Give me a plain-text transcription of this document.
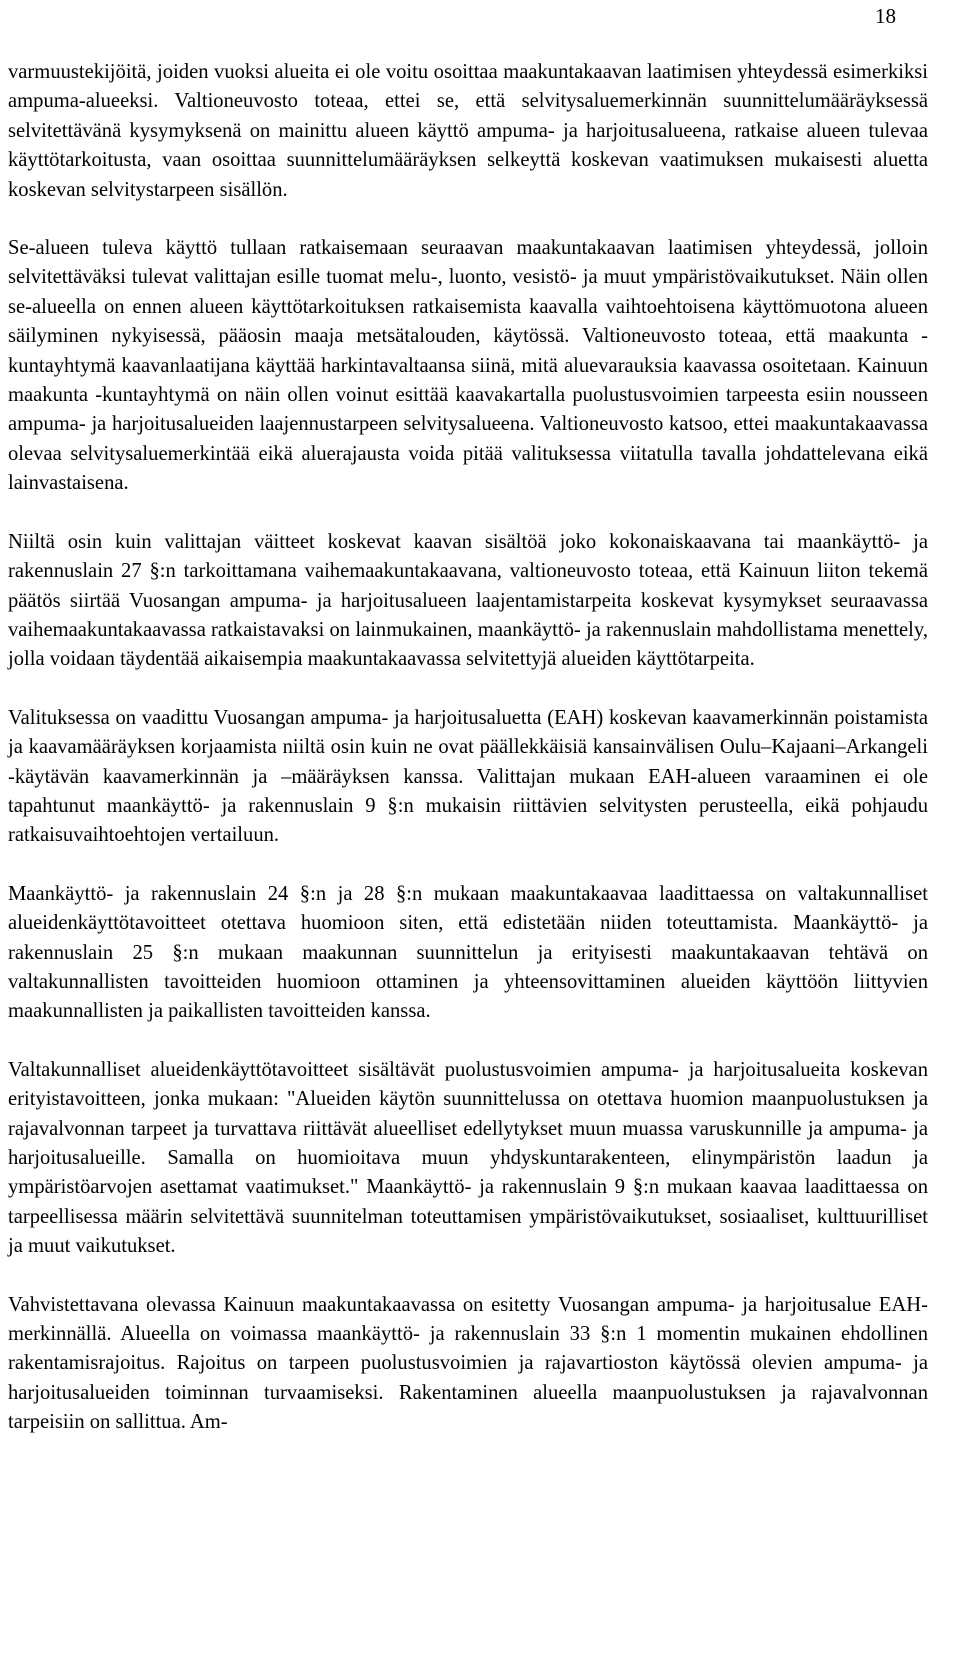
18

varmuustekijöitä, joiden vuoksi alueita ei ole voitu osoittaa maakuntakaavan laatimisen yhteydessä esimerkiksi ampuma-alueeksi. Valtioneuvosto toteaa, ettei se, että selvitysaluemerkinnän suunnittelumääräyksessä selvitettävänä kysymyksenä on mainittu alueen käyttö ampuma- ja harjoitusalueena, ratkaise alueen tulevaa käyttötarkoitusta, vaan osoittaa suunnittelumääräyksen selkeyttä koskevan vaatimuksen mukaisesti aluetta koskevan selvitystarpeen sisällön.

Se-alueen tuleva käyttö tullaan ratkaisemaan seuraavan maakuntakaavan laatimisen yhteydessä, jolloin selvitettäväksi tulevat valittajan esille tuomat melu-, luonto, vesistö- ja muut ympäristövaikutukset. Näin ollen se-alueella on ennen alueen käyttötarkoituksen ratkaisemista kaavalla vaihtoehtoisena käyttömuotona alueen säilyminen nykyisessä, pääosin maaja metsätalouden, käytössä. Valtioneuvosto toteaa, että maakunta -kuntayhtymä kaavanlaatijana käyttää harkintavaltaansa siinä, mitä aluevarauksia kaavassa osoitetaan. Kainuun maakunta -kuntayhtymä on näin ollen voinut esittää kaavakartalla puolustusvoimien tarpeesta esiin nousseen ampuma- ja harjoitusalueiden laajennustarpeen selvitysalueena. Valtioneuvosto katsoo, ettei maakuntakaavassa olevaa selvitysaluemerkintää eikä aluerajausta voida pitää valituksessa viitatulla tavalla johdattelevana eikä lainvastaisena.

Niiltä osin kuin valittajan väitteet koskevat kaavan sisältöä joko kokonaiskaavana tai maankäyttö- ja rakennuslain 27 §:n tarkoittamana vaihemaakuntakaavana, valtioneuvosto toteaa, että Kainuun liiton tekemä päätös siirtää Vuosangan ampuma- ja harjoitusalueen laajentamistarpeita koskevat kysymykset seuraavassa vaihemaakuntakaavassa ratkaistavaksi on lainmukainen, maankäyttö- ja rakennuslain mahdollistama menettely, jolla voidaan täydentää aikaisempia maakuntakaavassa selvitettyjä alueiden käyttötarpeita.

Valituksessa on vaadittu Vuosangan ampuma- ja harjoitusaluetta (EAH) koskevan kaavamerkinnän poistamista ja kaavamääräyksen korjaamista niiltä osin kuin ne ovat päällekkäisiä kansainvälisen Oulu–Kajaani–Arkangeli -käytävän kaavamerkinnän ja –määräyksen kanssa. Valittajan mukaan EAH-alueen varaaminen ei ole tapahtunut maankäyttö- ja rakennuslain 9 §:n mukaisin riittävien selvitysten perusteella, eikä pohjaudu ratkaisuvaihtoehtojen vertailuun.

Maankäyttö- ja rakennuslain 24 §:n ja 28 §:n mukaan maakuntakaavaa laadittaessa on valtakunnalliset alueidenkäyttötavoitteet otettava huomioon siten, että edistetään niiden toteuttamista. Maankäyttö- ja rakennuslain 25 §:n mukaan maakunnan suunnittelun ja erityisesti maakuntakaavan tehtävä on valtakunnallisten tavoitteiden huomioon ottaminen ja yhteensovittaminen alueiden käyttöön liittyvien maakunnallisten ja paikallisten tavoitteiden kanssa.

Valtakunnalliset alueidenkäyttötavoitteet sisältävät puolustusvoimien ampuma- ja harjoitusalueita koskevan erityistavoitteen, jonka mukaan: "Alueiden käytön suunnittelussa on otettava huomion maanpuolustuksen ja rajavalvonnan tarpeet ja turvattava riittävät alueelliset edellytykset muun muassa varuskunnille ja ampuma- ja harjoitusalueille. Samalla on huomioitava muun yhdyskuntarakenteen, elinympäristön laadun ja ympäristöarvojen asettamat vaatimukset." Maankäyttö- ja rakennuslain 9 §:n mukaan kaavaa laadittaessa on tarpeellisessa määrin selvitettävä suunnitelman toteuttamisen ympäristövaikutukset, sosiaaliset, kulttuurilliset ja muut vaikutukset.

Vahvistettavana olevassa Kainuun maakuntakaavassa on esitetty Vuosangan ampuma- ja harjoitusalue EAH-merkinnällä. Alueella on voimassa maankäyttö- ja rakennuslain 33 §:n 1 momentin mukainen ehdollinen rakentamisrajoitus. Rajoitus on tarpeen puolustusvoimien ja rajavartioston käytössä olevien ampuma- ja harjoitusalueiden toiminnan turvaamiseksi. Rakentaminen alueella maanpuolustuksen ja rajavalvonnan tarpeisiin on sallittua. Am-
